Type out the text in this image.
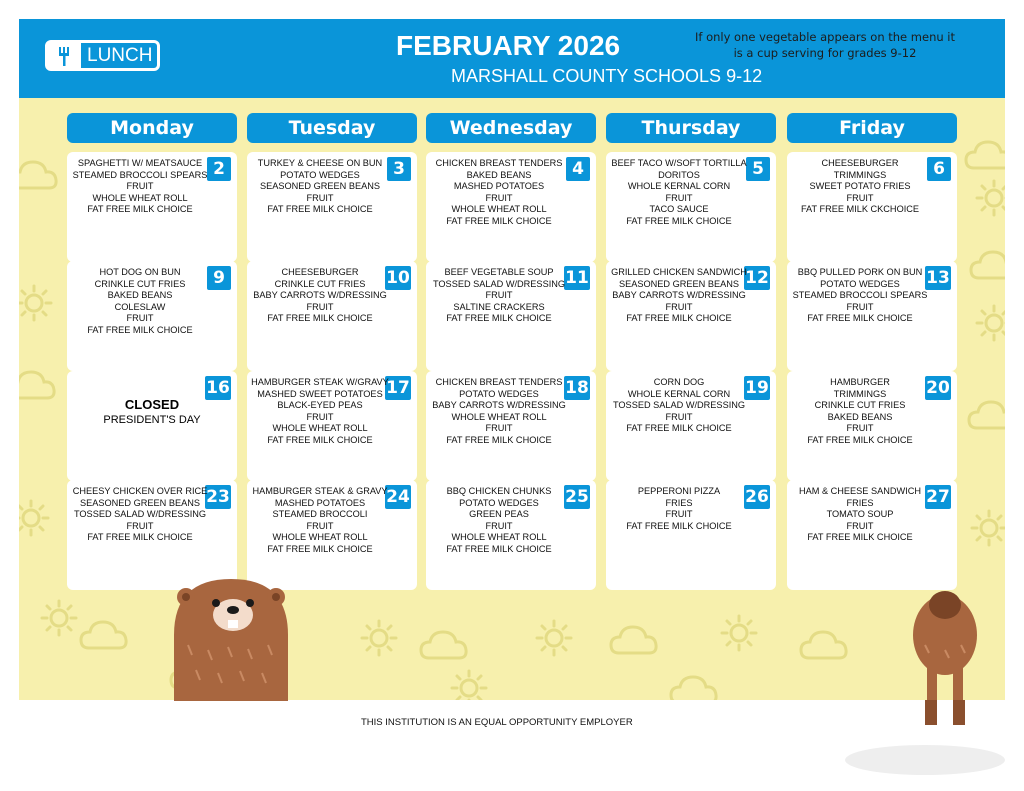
LUNCH	FEBRUARY 2026
MARSHALL COUNTY SCHOOLS 9-12
If only one vegetable appears on the menu it is a cup serving for grades 9-12
Monday	Tuesday	Wednesday	Thursday	Friday
2
SPAGHETTI W/ MEATSAUCE
STEAMED BROCCOLI SPEARS
FRUIT
WHOLE WHEAT ROLL
FAT FREE MILK CHOICE
3
TURKEY & CHEESE ON BUN
POTATO WEDGES
SEASONED GREEN BEANS
FRUIT
FAT FREE MILK CHOICE
4
CHICKEN BREAST TENDERS
BAKED BEANS
MASHED POTATOES
FRUIT
WHOLE WHEAT ROLL
FAT FREE MILK CHOICE
5
BEEF TACO W/SOFT TORTILLA
DORITOS
WHOLE KERNAL CORN
FRUIT
TACO SAUCE
FAT FREE MILK CHOICE
6
CHEESEBURGER
TRIMMINGS
SWEET POTATO FRIES
FRUIT
FAT FREE MILK CKCHOICE
9
HOT DOG ON BUN
CRINKLE CUT FRIES
BAKED BEANS
COLESLAW
FRUIT
FAT FREE MILK CHOICE
10
CHEESEBURGER
CRINKLE CUT FRIES
BABY CARROTS W/DRESSING
FRUIT
FAT FREE MILK CHOICE
11
BEEF VEGETABLE SOUP
TOSSED SALAD W/DRESSING
FRUIT
SALTINE CRACKERS
FAT FREE MILK CHOICE
12
GRILLED CHICKEN SANDWICH
SEASONED GREEN BEANS
BABY CARROTS W/DRESSING
FRUIT
FAT FREE MILK CHOICE
13
BBQ PULLED PORK ON BUN
POTATO WEDGES
STEAMED BROCCOLI SPEARS
FRUIT
FAT FREE MILK CHOICE
16
CLOSED
PRESIDENT'S DAY
17
HAMBURGER STEAK W/GRAVY
MASHED SWEET POTATOES
BLACK-EYED PEAS
FRUIT
WHOLE WHEAT ROLL
FAT FREE MILK CHOICE
18
CHICKEN BREAST TENDERS
POTATO WEDGES
BABY CARROTS W/DRESSING
WHOLE WHEAT ROLL
FRUIT
FAT FREE MILK CHOICE
19
CORN DOG
WHOLE KERNAL CORN
TOSSED SALAD W/DRESSING
FRUIT
FAT FREE MILK CHOICE
20
HAMBURGER
TRIMMINGS
CRINKLE CUT FRIES
BAKED BEANS
FRUIT
FAT FREE MILK CHOICE
23
CHEESY CHICKEN OVER RICE
SEASONED GREEN BEANS
TOSSED SALAD W/DRESSING
FRUIT
FAT FREE MILK CHOICE
24
HAMBURGER STEAK & GRAVY
MASHED POTATOES
STEAMED BROCCOLI
FRUIT
WHOLE WHEAT ROLL
FAT FREE MILK CHOICE
25
BBQ CHICKEN CHUNKS
POTATO WEDGES
GREEN PEAS
FRUIT
WHOLE WHEAT ROLL
FAT FREE MILK CHOICE
26
PEPPERONI PIZZA
FRIES
FRUIT
FAT FREE MILK CHOICE
27
HAM & CHEESE SANDWICH
FRIES
TOMATO SOUP
FRUIT
FAT FREE MILK CHOICE
THIS INSTITUTION IS AN EQUAL OPPORTUNITY EMPLOYER
